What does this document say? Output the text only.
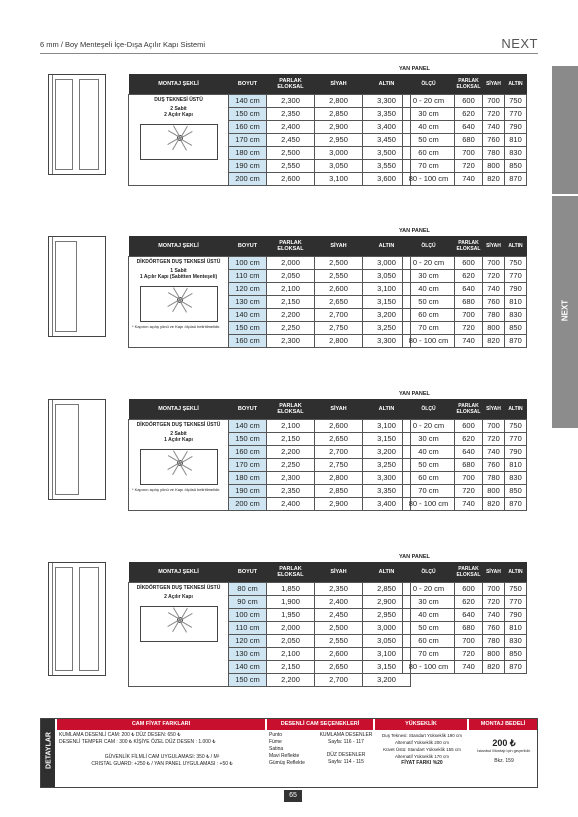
6 mm / Boy Menteşeli İçe-Dışa Açılır Kapı Sistemi	NEXT
NEXT
MONTAJ ŞEKLİ	BOYUT	PARLAK ELOKSAL	SİYAH	ALTIN

DUŞ TEKNESİ ÜSTÜ
2 Sabit
2 Açılır Kapı	140 cm	2,300	2,800	3,300
	150 cm	2,350	2,850	3,350
	160 cm	2,400	2,900	3,400
	170 cm	2,450	2,950	3,450
	180 cm	2,500	3,000	3,500
	190 cm	2,550	3,050	3,550
	200 cm	2,600	3,100	3,600
YAN PANEL
ÖLÇÜ	PARLAK ELOKSAL	SİYAH	ALTIN
0 - 20 cm	600	700	750
30 cm	620	720	770
40 cm	640	740	790
50 cm	680	760	810
60 cm	700	780	830
70 cm	720	800	850
80 - 100 cm	740	820	870
MONTAJ ŞEKLİ	BOYUT	PARLAK ELOKSAL	SİYAH	ALTIN

DİKDÖRTGEN DUŞ TEKNESİ ÜSTÜ
1 Sabit
1 Açılır Kapı (Sabitten Menteşeli)
* Kapının açılış yönü ve Kapı ölçüsü belirtilmelidir.	100 cm	2,000	2,500	3,000
	110 cm	2,050	2,550	3,050
	120 cm	2,100	2,600	3,100
	130 cm	2,150	2,650	3,150
	140 cm	2,200	2,700	3,200
	150 cm	2,250	2,750	3,250
	160 cm	2,300	2,800	3,300
YAN PANEL
ÖLÇÜ	PARLAK ELOKSAL	SİYAH	ALTIN
0 - 20 cm	600	700	750
30 cm	620	720	770
40 cm	640	740	790
50 cm	680	760	810
60 cm	700	780	830
70 cm	720	800	850
80 - 100 cm	740	820	870
MONTAJ ŞEKLİ	BOYUT	PARLAK ELOKSAL	SİYAH	ALTIN

DİKDÖRTGEN DUŞ TEKNESİ ÜSTÜ
2 Sabit
1 Açılır Kapı
* Kapının açılış yönü ve Kapı ölçüsü belirtilmelidir.	140 cm	2,100	2,600	3,100
	150 cm	2,150	2,650	3,150
	160 cm	2,200	2,700	3,200
	170 cm	2,250	2,750	3,250
	180 cm	2,300	2,800	3,300
	190 cm	2,350	2,850	3,350
	200 cm	2,400	2,900	3,400
YAN PANEL
ÖLÇÜ	PARLAK ELOKSAL	SİYAH	ALTIN
0 - 20 cm	600	700	750
30 cm	620	720	770
40 cm	640	740	790
50 cm	680	760	810
60 cm	700	780	830
70 cm	720	800	850
80 - 100 cm	740	820	870
MONTAJ ŞEKLİ	BOYUT	PARLAK ELOKSAL	SİYAH	ALTIN

DİKDÖRTGEN DUŞ TEKNESİ ÜSTÜ
2 Açılır Kapı	80 cm	1,850	2,350	2,850
	90 cm	1,900	2,400	2,900
	100 cm	1,950	2,450	2,950
	110 cm	2,000	2,500	3,000
	120 cm	2,050	2,550	3,050
	130 cm	2,100	2,600	3,100
	140 cm	2,150	2,650	3,150
	150 cm	2,200	2,700	3,200
YAN PANEL
ÖLÇÜ	PARLAK ELOKSAL	SİYAH	ALTIN
0 - 20 cm	600	700	750
30 cm	620	720	770
40 cm	640	740	790
50 cm	680	760	810
60 cm	700	780	830
70 cm	720	800	850
80 - 100 cm	740	820	870
DETAYLAR
CAM FİYAT FARKLARI	DESENLİ CAM SEÇENEKLERİ	YÜKSEKLİK	MONTAJ BEDELİ
KUMLAMA DESENLİ CAM: 200 ₺ DÜZ DESEN: 650 ₺
DESENLİ TEMPER CAM : 300 ₺ KİŞİYE ÖZEL DÜZ DESEN : 1.000 ₺
GÜVENLİK FİLMLİ CAM UYGULAMASI: 350 ₺ / M²
CRISTAL GUARD: +250 ₺ / YAN PANEL UYGULAMASI : +50 ₺
Punto
Füme
Satina
Mavi Reflekte
Gümüş Reflekte
KUMLAMA DESENLER
Sayfa: 116 - 117
DÜZ DESENLER
Sayfa: 114 - 115
Duş Teknesi: Standart Yükseklik 190 cm
Alternatif Yükseklik 200 cm
Küvet Üstü: Standart Yükseklik 155 cm
Alternatif Yükseklik 170 cm
FİYAT FARKI %20
200 ₺
İstanbul Montajı için geçerlidir.
Bkz. 159
65
